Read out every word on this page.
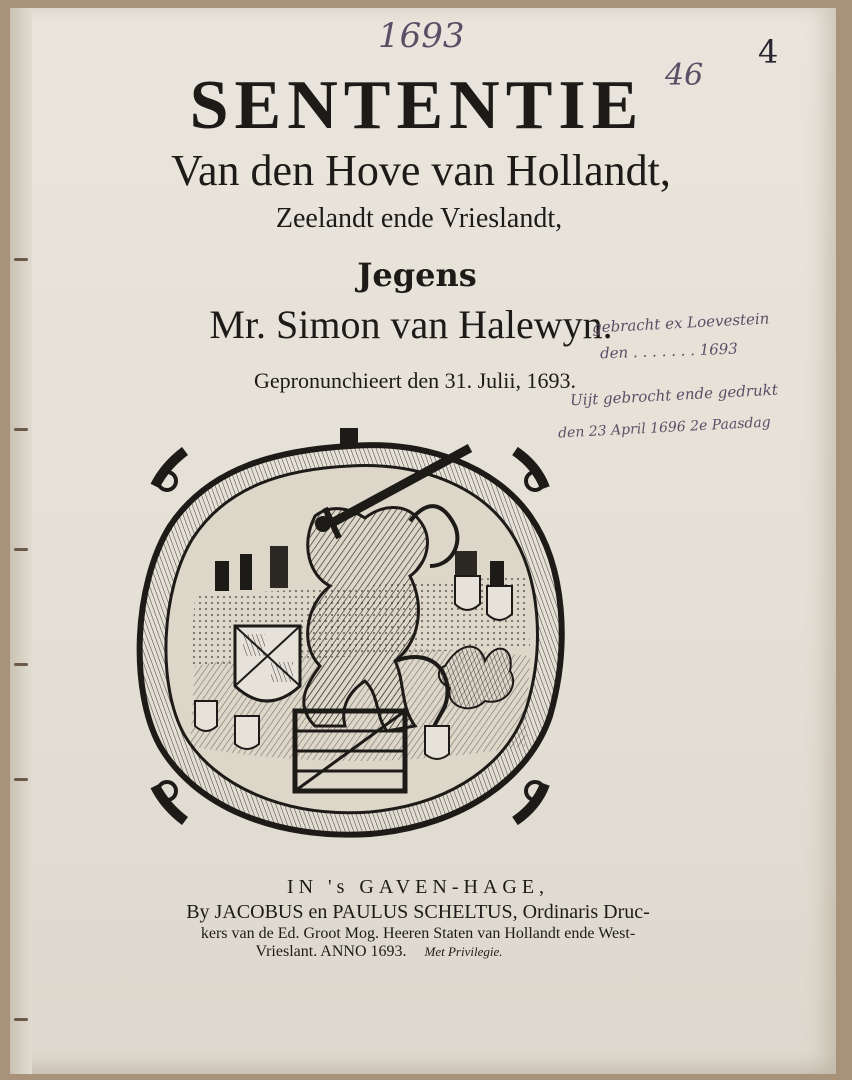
1693
46
4
SENTENTIE
Van den Hove van Hollandt,
Zeelandt ende Vrieslandt,
Jegens
Mr. Simon van Halewyn.
Gepronunchieert den 31. Julii, 1693.
gebracht ex Loevestein
den . . . . . . . 1693
Uijt gebrocht ende gedrukt
den 23 April 1696 2e Paasdag
IN 's GAVEN-HAGE,
By JACOBUS en PAULUS SCHELTUS, Ordinaris Druc-
kers van de Ed. Groot Mog. Heeren Staten van Hollandt ende West-
Vrieslant. ANNO 1693. Met Privilegie.
